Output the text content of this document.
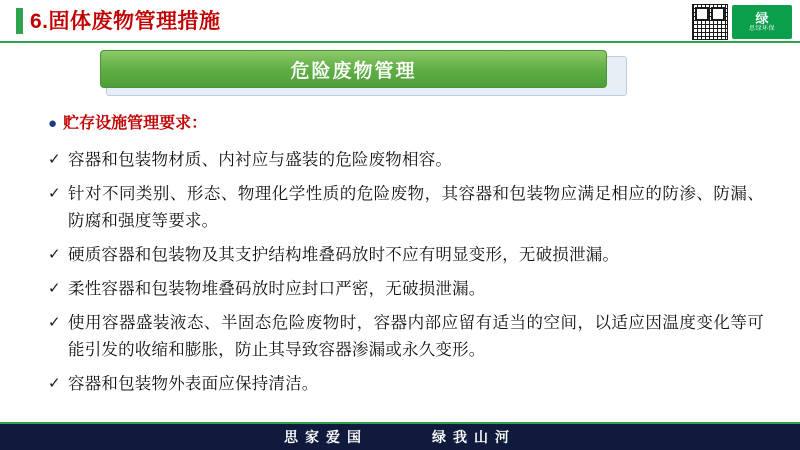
6.固体废物管理措施	绿
思绿环保
危险废物管理
● 贮存设施管理要求：
✓ 容器和包装物材质、内衬应与盛装的危险废物相容。
✓ 针对不同类别、形态、物理化学性质的危险废物，其容器和包装物应满足相应的防渗、防漏、防腐和强度等要求。
✓ 硬质容器和包装物及其支护结构堆叠码放时不应有明显变形，无破损泄漏。
✓ 柔性容器和包装物堆叠码放时应封口严密，无破损泄漏。
✓ 使用容器盛装液态、半固态危险废物时，容器内部应留有适当的空间，以适应因温度变化等可能引发的收缩和膨胀，防止其导致容器渗漏或永久变形。
✓ 容器和包装物外表面应保持清洁。
思家爱国	绿我山河
